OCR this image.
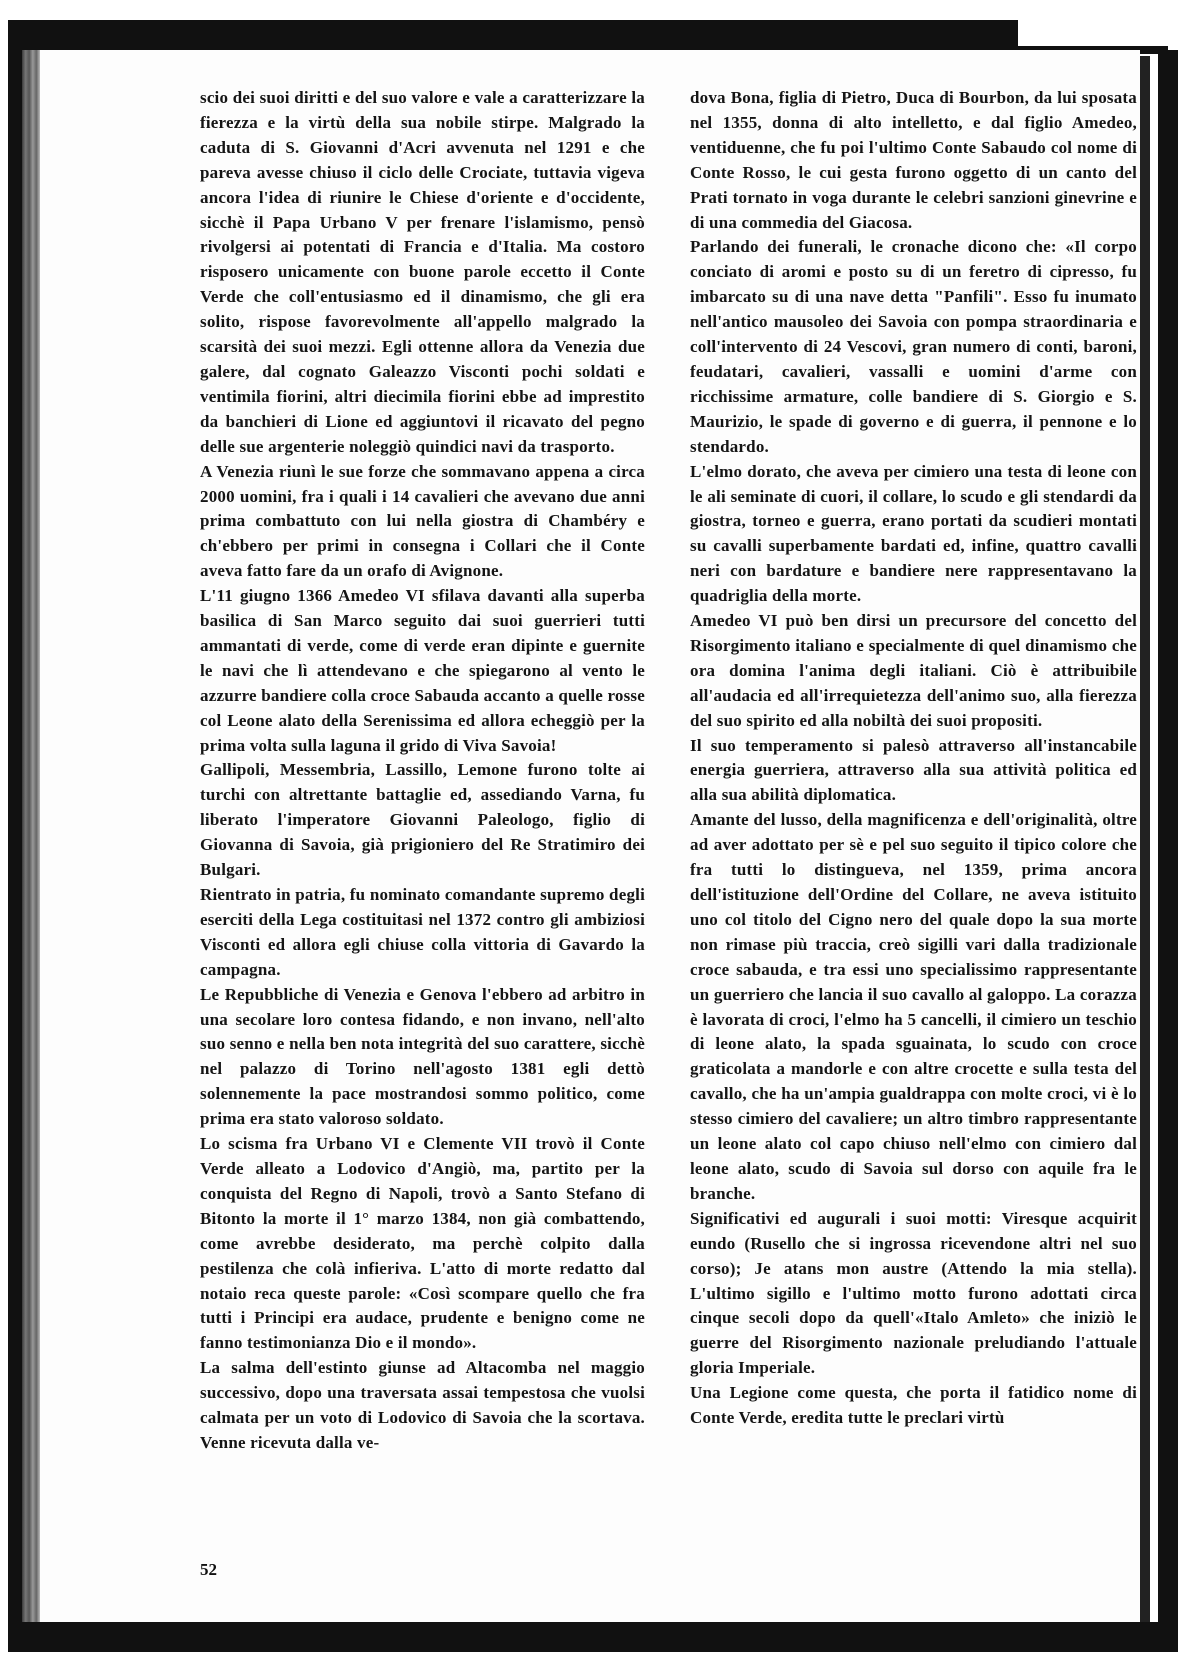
scio dei suoi diritti e del suo valore e vale a caratterizzare la fierezza e la virtù della sua nobile stirpe. Malgrado la caduta di S. Giovanni d'Acri avvenuta nel 1291 e che pareva avesse chiuso il ciclo delle Crociate, tuttavia vigeva ancora l'idea di riunire le Chiese d'oriente e d'occidente, sicchè il Papa Urbano V per frenare l'islamismo, pensò rivolgersi ai potentati di Francia e d'Italia. Ma costoro risposero unicamente con buone parole eccetto il Conte Verde che coll'entusiasmo ed il dinamismo, che gli era solito, rispose favorevolmente all'appello malgrado la scarsità dei suoi mezzi. Egli ottenne allora da Venezia due galere, dal cognato Galeazzo Visconti pochi soldati e ventimila fiorini, altri diecimila fiorini ebbe ad imprestito da banchieri di Lione ed aggiuntovi il ricavato del pegno delle sue argenterie noleggiò quindici navi da trasporto.

A Venezia riunì le sue forze che sommavano appena a circa 2000 uomini, fra i quali i 14 cavalieri che avevano due anni prima combattuto con lui nella giostra di Chambéry e ch'ebbero per primi in consegna i Collari che il Conte aveva fatto fare da un orafo di Avignone.

L'11 giugno 1366 Amedeo VI sfilava davanti alla superba basilica di San Marco seguito dai suoi guerrieri tutti ammantati di verde, come di verde eran dipinte e guernite le navi che lì attendevano e che spiegarono al vento le azzurre bandiere colla croce Sabauda accanto a quelle rosse col Leone alato della Serenissima ed allora echeggiò per la prima volta sulla laguna il grido di Viva Savoia!

Gallipoli, Messembria, Lassillo, Lemone furono tolte ai turchi con altrettante battaglie ed, assediando Varna, fu liberato l'imperatore Giovanni Paleologo, figlio di Giovanna di Savoia, già prigioniero del Re Stratimiro dei Bulgari.

Rientrato in patria, fu nominato comandante supremo degli eserciti della Lega costituitasi nel 1372 contro gli ambiziosi Visconti ed allora egli chiuse colla vittoria di Gavardo la campagna.

Le Repubbliche di Venezia e Genova l'ebbero ad arbitro in una secolare loro contesa fidando, e non invano, nell'alto suo senno e nella ben nota integrità del suo carattere, sicchè nel palazzo di Torino nell'agosto 1381 egli dettò solennemente la pace mostrandosi sommo politico, come prima era stato valoroso soldato.

Lo scisma fra Urbano VI e Clemente VII trovò il Conte Verde alleato a Lodovico d'Angiò, ma, partito per la conquista del Regno di Napoli, trovò a Santo Stefano di Bitonto la morte il 1° marzo 1384, non già combattendo, come avrebbe desiderato, ma perchè colpito dalla pestilenza che colà infieriva. L'atto di morte redatto dal notaio reca queste parole: «Così scompare quello che fra tutti i Principi era audace, prudente e benigno come ne fanno testimonianza Dio e il mondo».

La salma dell'estinto giunse ad Altacomba nel maggio successivo, dopo una traversata assai tempestosa che vuolsi calmata per un voto di Lodovico di Savoia che la scortava. Venne ricevuta dalla ve-

dova Bona, figlia di Pietro, Duca di Bourbon, da lui sposata nel 1355, donna di alto intelletto, e dal figlio Amedeo, ventiduenne, che fu poi l'ultimo Conte Sabaudo col nome di Conte Rosso, le cui gesta furono oggetto di un canto del Prati tornato in voga durante le celebri sanzioni ginevrine e di una commedia del Giacosa.

Parlando dei funerali, le cronache dicono che: «Il corpo conciato di aromi e posto su di un feretro di cipresso, fu imbarcato su di una nave detta "Panfili". Esso fu inumato nell'antico mausoleo dei Savoia con pompa straordinaria e coll'intervento di 24 Vescovi, gran numero di conti, baroni, feudatari, cavalieri, vassalli e uomini d'arme con ricchissime armature, colle bandiere di S. Giorgio e S. Maurizio, le spade di governo e di guerra, il pennone e lo stendardo.

L'elmo dorato, che aveva per cimiero una testa di leone con le ali seminate di cuori, il collare, lo scudo e gli stendardi da giostra, torneo e guerra, erano portati da scudieri montati su cavalli superbamente bardati ed, infine, quattro cavalli neri con bardature e bandiere nere rappresentavano la quadriglia della morte.

Amedeo VI può ben dirsi un precursore del concetto del Risorgimento italiano e specialmente di quel dinamismo che ora domina l'anima degli italiani. Ciò è attribuibile all'audacia ed all'irrequietezza dell'animo suo, alla fierezza del suo spirito ed alla nobiltà dei suoi propositi.

Il suo temperamento si palesò attraverso all'instancabile energia guerriera, attraverso alla sua attività politica ed alla sua abilità diplomatica.

Amante del lusso, della magnificenza e dell'originalità, oltre ad aver adottato per sè e pel suo seguito il tipico colore che fra tutti lo distingueva, nel 1359, prima ancora dell'istituzione dell'Ordine del Collare, ne aveva istituito uno col titolo del Cigno nero del quale dopo la sua morte non rimase più traccia, creò sigilli vari dalla tradizionale croce sabauda, e tra essi uno specialissimo rappresentante un guerriero che lancia il suo cavallo al galoppo. La corazza è lavorata di croci, l'elmo ha 5 cancelli, il cimiero un teschio di leone alato, la spada sguainata, lo scudo con croce graticolata a mandorle e con altre crocette e sulla testa del cavallo, che ha un'ampia gualdrappa con molte croci, vi è lo stesso cimiero del cavaliere; un altro timbro rappresentante un leone alato col capo chiuso nell'elmo con cimiero dal leone alato, scudo di Savoia sul dorso con aquile fra le branche.

Significativi ed augurali i suoi motti: Viresque acquirit eundo (Rusello che si ingrossa ricevendone altri nel suo corso); Je atans mon austre (Attendo la mia stella). L'ultimo sigillo e l'ultimo motto furono adottati circa cinque secoli dopo da quell'«Italo Amleto» che iniziò le guerre del Risorgimento nazionale preludiando l'attuale gloria Imperiale.

Una Legione come questa, che porta il fatidico nome di Conte Verde, eredita tutte le preclari virtù

52
